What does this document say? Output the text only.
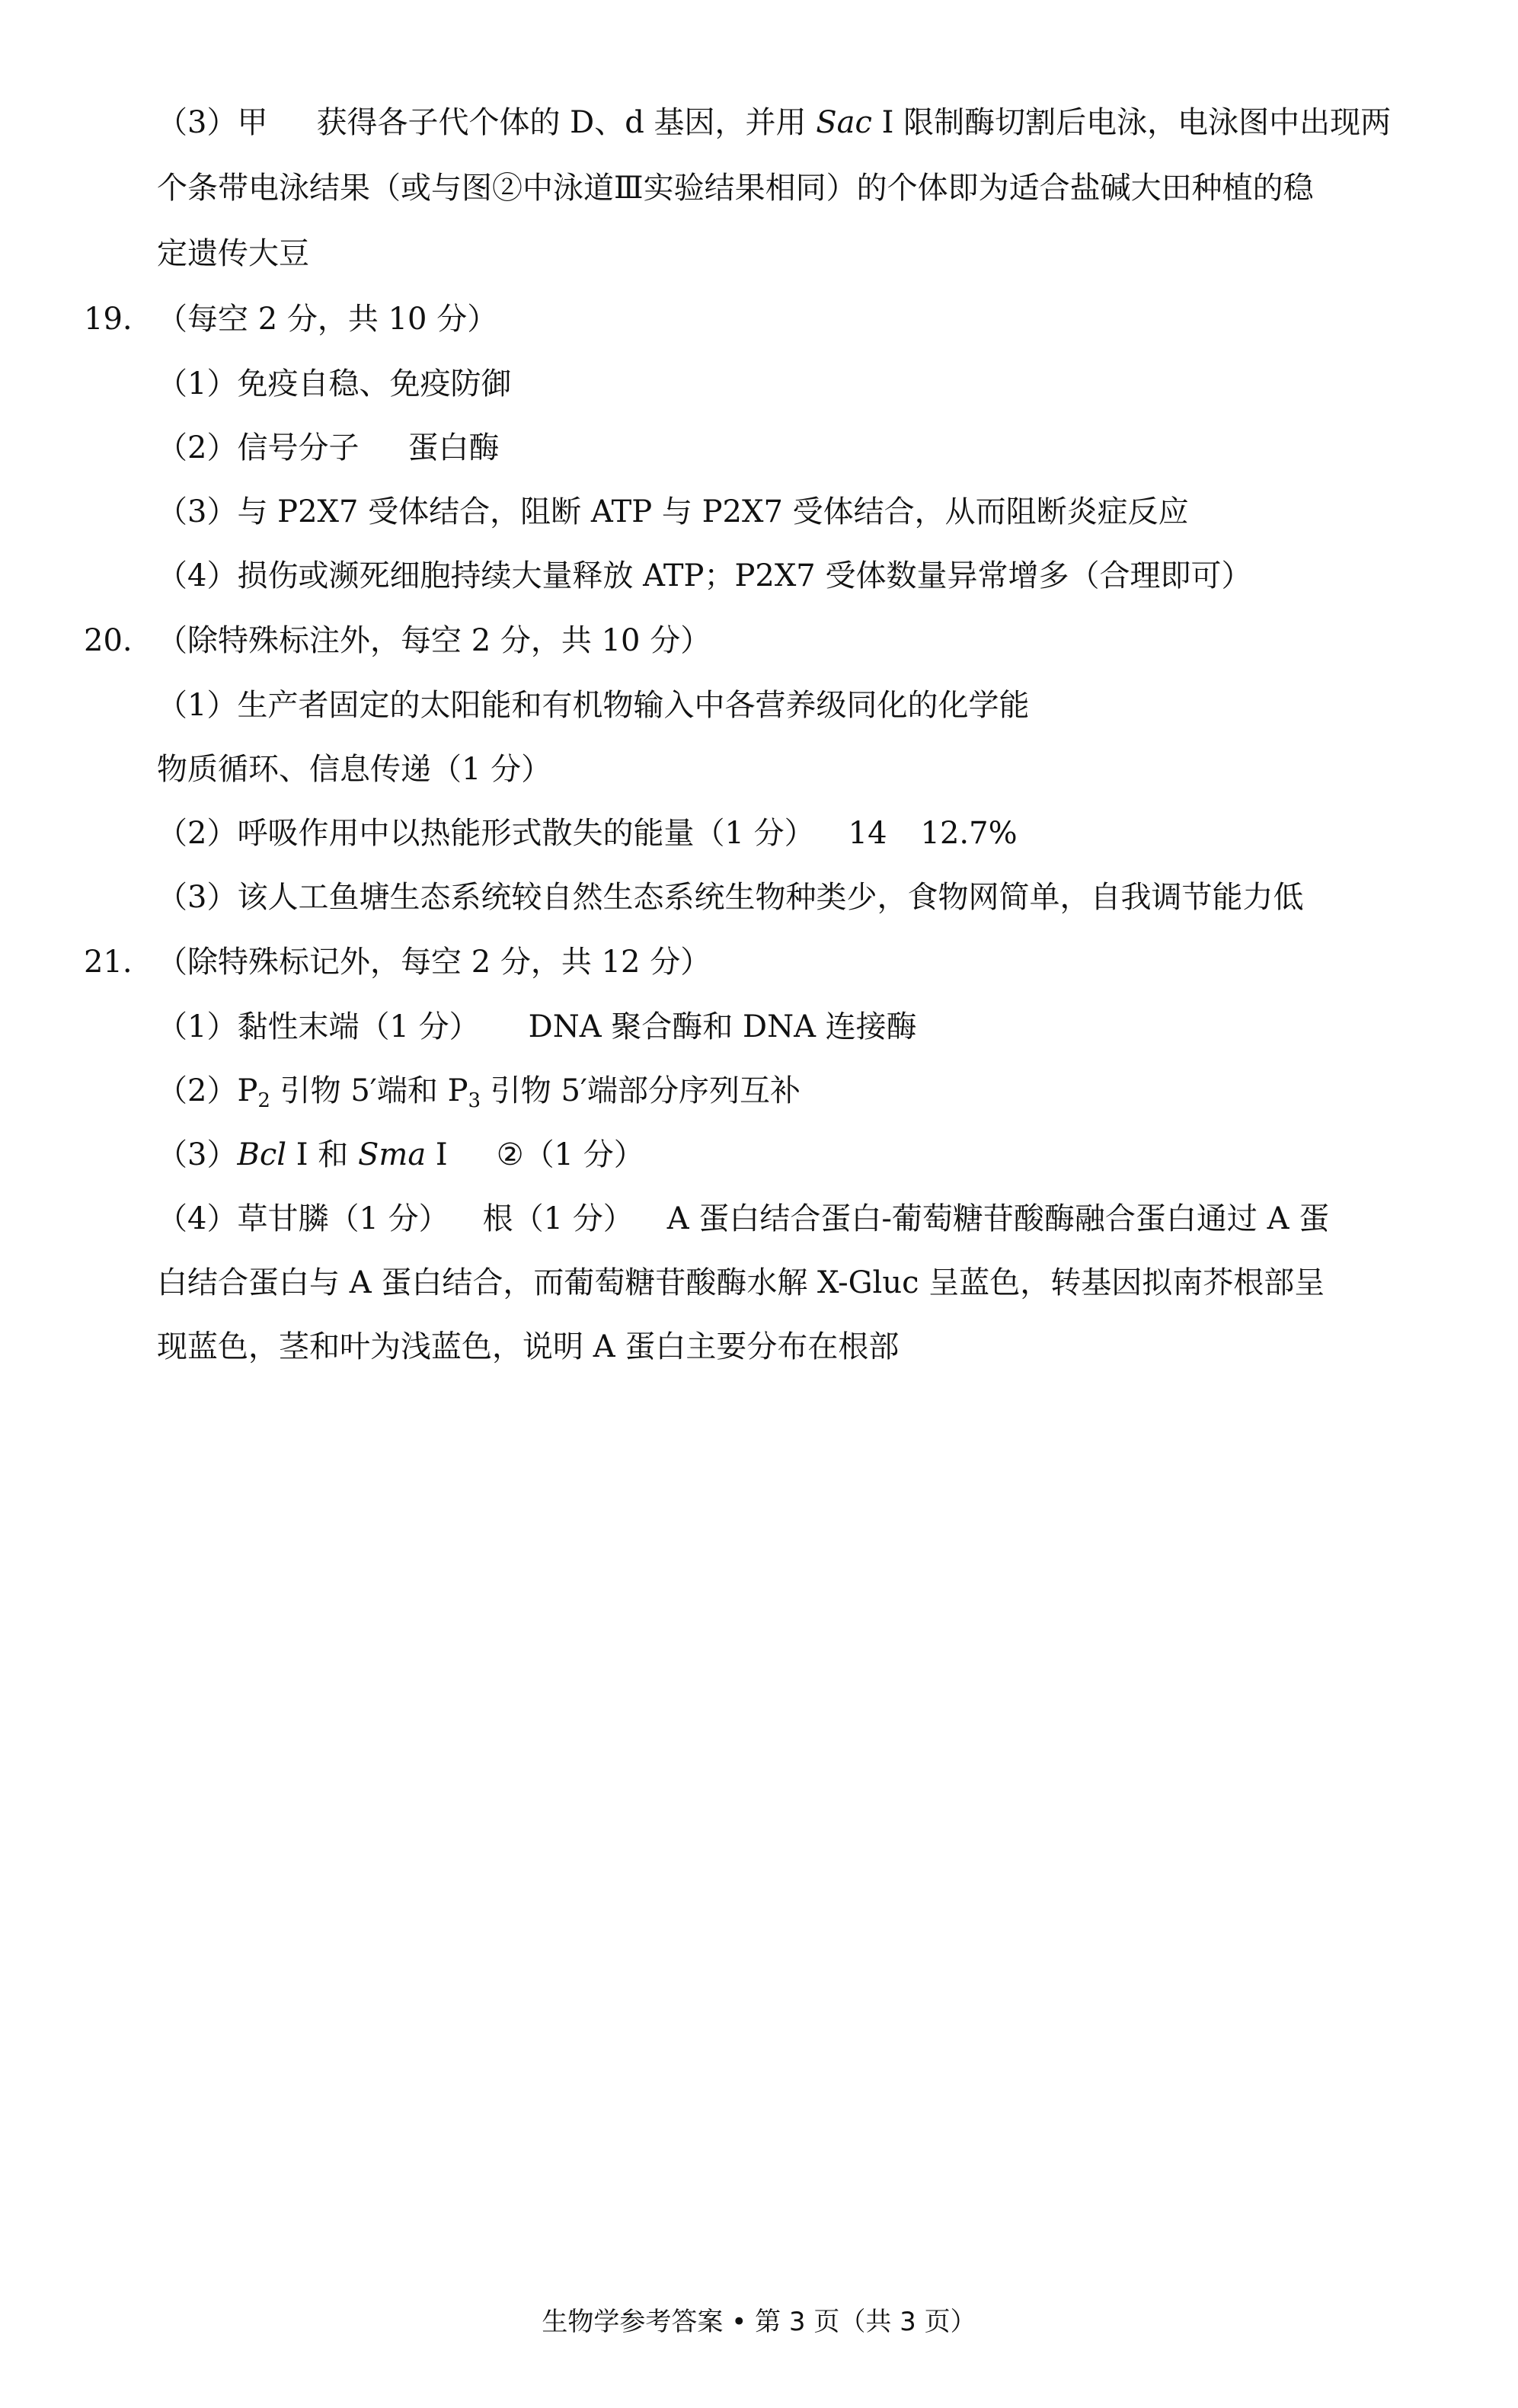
（3）甲 获得各子代个体的 D、d 基因，并用 Sac Ⅰ 限制酶切割后电泳，电泳图中出现两
个条带电泳结果（或与图②中泳道Ⅲ实验结果相同）的个体即为适合盐碱大田种植的稳
定遗传大豆
19. （每空 2 分，共 10 分）
（1）免疫自稳、免疫防御
（2）信号分子 蛋白酶
（3）与 P2X7 受体结合，阻断 ATP 与 P2X7 受体结合，从而阻断炎症反应
（4）损伤或濒死细胞持续大量释放 ATP；P2X7 受体数量异常增多（合理即可）
20. （除特殊标注外，每空 2 分，共 10 分）
（1）生产者固定的太阳能和有机物输入中各营养级同化的化学能
物质循环、信息传递（1 分）
（2）呼吸作用中以热能形式散失的能量（1 分） 14 12.7%
（3）该人工鱼塘生态系统较自然生态系统生物种类少，食物网简单，自我调节能力低
21. （除特殊标记外，每空 2 分，共 12 分）
（1）黏性末端（1 分） DNA 聚合酶和 DNA 连接酶
$(2)P_2$ 引物 5′端和 $P_3$ 引物 5′端部分序列互补
（3）Bcl Ⅰ 和 Sma Ⅰ ②（1 分）
（4）草甘膦（1 分） 根（1 分） A 蛋白结合蛋白-葡萄糖苷酸酶融合蛋白通过 A 蛋
白结合蛋白与 A 蛋白结合，而葡萄糖苷酸酶水解 X-Gluc 呈蓝色，转基因拟南芥根部呈
现蓝色，茎和叶为浅蓝色，说明 A 蛋白主要分布在根部
生物学参考答案 • 第 3 页（共 3 页）
